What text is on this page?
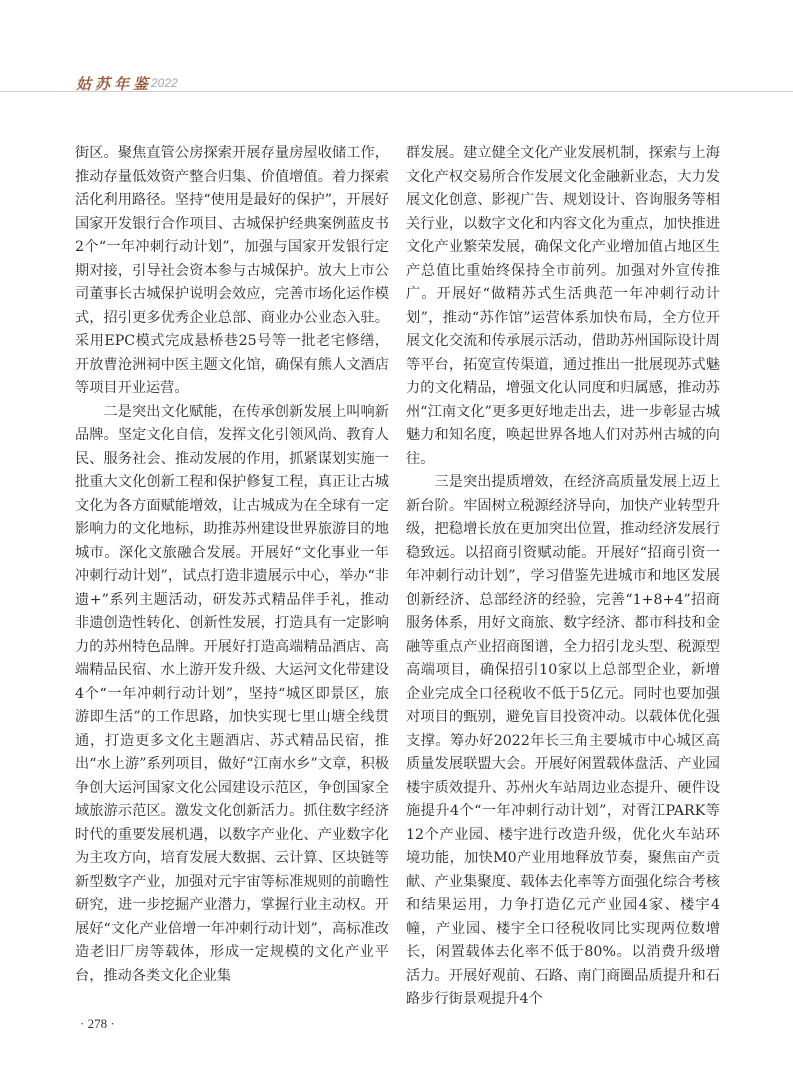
姑苏年鉴
2022

街区。聚焦直管公房探索开展存量房屋收储工作，推动存量低效资产整合归集、价值增值。着力探索活化利用路径。坚持“使用是最好的保护”，开展好国家开发银行合作项目、古城保护经典案例蓝皮书2个“一年冲刺行动计划”，加强与国家开发银行定期对接，引导社会资本参与古城保护。放大上市公司董事长古城保护说明会效应，完善市场化运作模式，招引更多优秀企业总部、商业办公业态入驻。采用EPC模式完成悬桥巷25号等一批老宅修缮，开放曹沧洲祠中医主题文化馆，确保有熊人文酒店等项目开业运营。

二是突出文化赋能，在传承创新发展上叫响新品牌。坚定文化自信，发挥文化引领风尚、教育人民、服务社会、推动发展的作用，抓紧谋划实施一批重大文化创新工程和保护修复工程，真正让古城文化为各方面赋能增效，让古城成为在全球有一定影响力的文化地标，助推苏州建设世界旅游目的地城市。深化文旅融合发展。开展好“文化事业一年冲刺行动计划”，试点打造非遗展示中心，举办“非遗+”系列主题活动，研发苏式精品伴手礼，推动非遗创造性转化、创新性发展，打造具有一定影响力的苏州特色品牌。开展好打造高端精品酒店、高端精品民宿、水上游开发升级、大运河文化带建设4个“一年冲刺行动计划”，坚持“城区即景区，旅游即生活”的工作思路，加快实现七里山塘全线贯通，打造更多文化主题酒店、苏式精品民宿，推出“水上游”系列项目，做好“江南水乡”文章，积极争创大运河国家文化公园建设示范区，争创国家全域旅游示范区。激发文化创新活力。抓住数字经济时代的重要发展机遇，以数字产业化、产业数字化为主攻方向，培育发展大数据、云计算、区块链等新型数字产业，加强对元宇宙等标准规则的前瞻性研究，进一步挖掘产业潜力，掌握行业主动权。开展好“文化产业倍增一年冲刺行动计划”，高标准改造老旧厂房等载体，形成一定规模的文化产业平台，推动各类文化企业集

群发展。建立健全文化产业发展机制，探索与上海文化产权交易所合作发展文化金融新业态，大力发展文化创意、影视广告、规划设计、咨询服务等相关行业，以数字文化和内容文化为重点，加快推进文化产业繁荣发展，确保文化产业增加值占地区生产总值比重始终保持全市前列。加强对外宣传推广。开展好“做精苏式生活典范一年冲刺行动计划”，推动“苏作馆”运营体系加快布局，全方位开展文化交流和传承展示活动，借助苏州国际设计周等平台，拓宽宣传渠道，通过推出一批展现苏式魅力的文化精品，增强文化认同度和归属感，推动苏州“江南文化”更多更好地走出去，进一步彰显古城魅力和知名度，唤起世界各地人们对苏州古城的向往。

三是突出提质增效，在经济高质量发展上迈上新台阶。牢固树立税源经济导向，加快产业转型升级，把稳增长放在更加突出位置，推动经济发展行稳致远。以招商引资赋动能。开展好“招商引资一年冲刺行动计划”，学习借鉴先进城市和地区发展创新经济、总部经济的经验，完善“1+8+4”招商服务体系，用好文商旅、数字经济、都市科技和金融等重点产业招商图谱，全力招引龙头型、税源型高端项目，确保招引10家以上总部型企业，新增企业完成全口径税收不低于5亿元。同时也要加强对项目的甄别，避免盲目投资冲动。以载体优化强支撑。筹办好2022年长三角主要城市中心城区高质量发展联盟大会。开展好闲置载体盘活、产业园楼宇质效提升、苏州火车站周边业态提升、硬件设施提升4个“一年冲刺行动计划”，对胥江PARK等12个产业园、楼宇进行改造升级，优化火车站环境功能，加快M0产业用地释放节奏，聚焦亩产贡献、产业集聚度、载体去化率等方面强化综合考核和结果运用，力争打造亿元产业园4家、楼宇4幢，产业园、楼宇全口径税收同比实现两位数增长，闲置载体去化率不低于80%。以消费升级增活力。开展好观前、石路、南门商圈品质提升和石路步行街景观提升4个

· 278 ·
